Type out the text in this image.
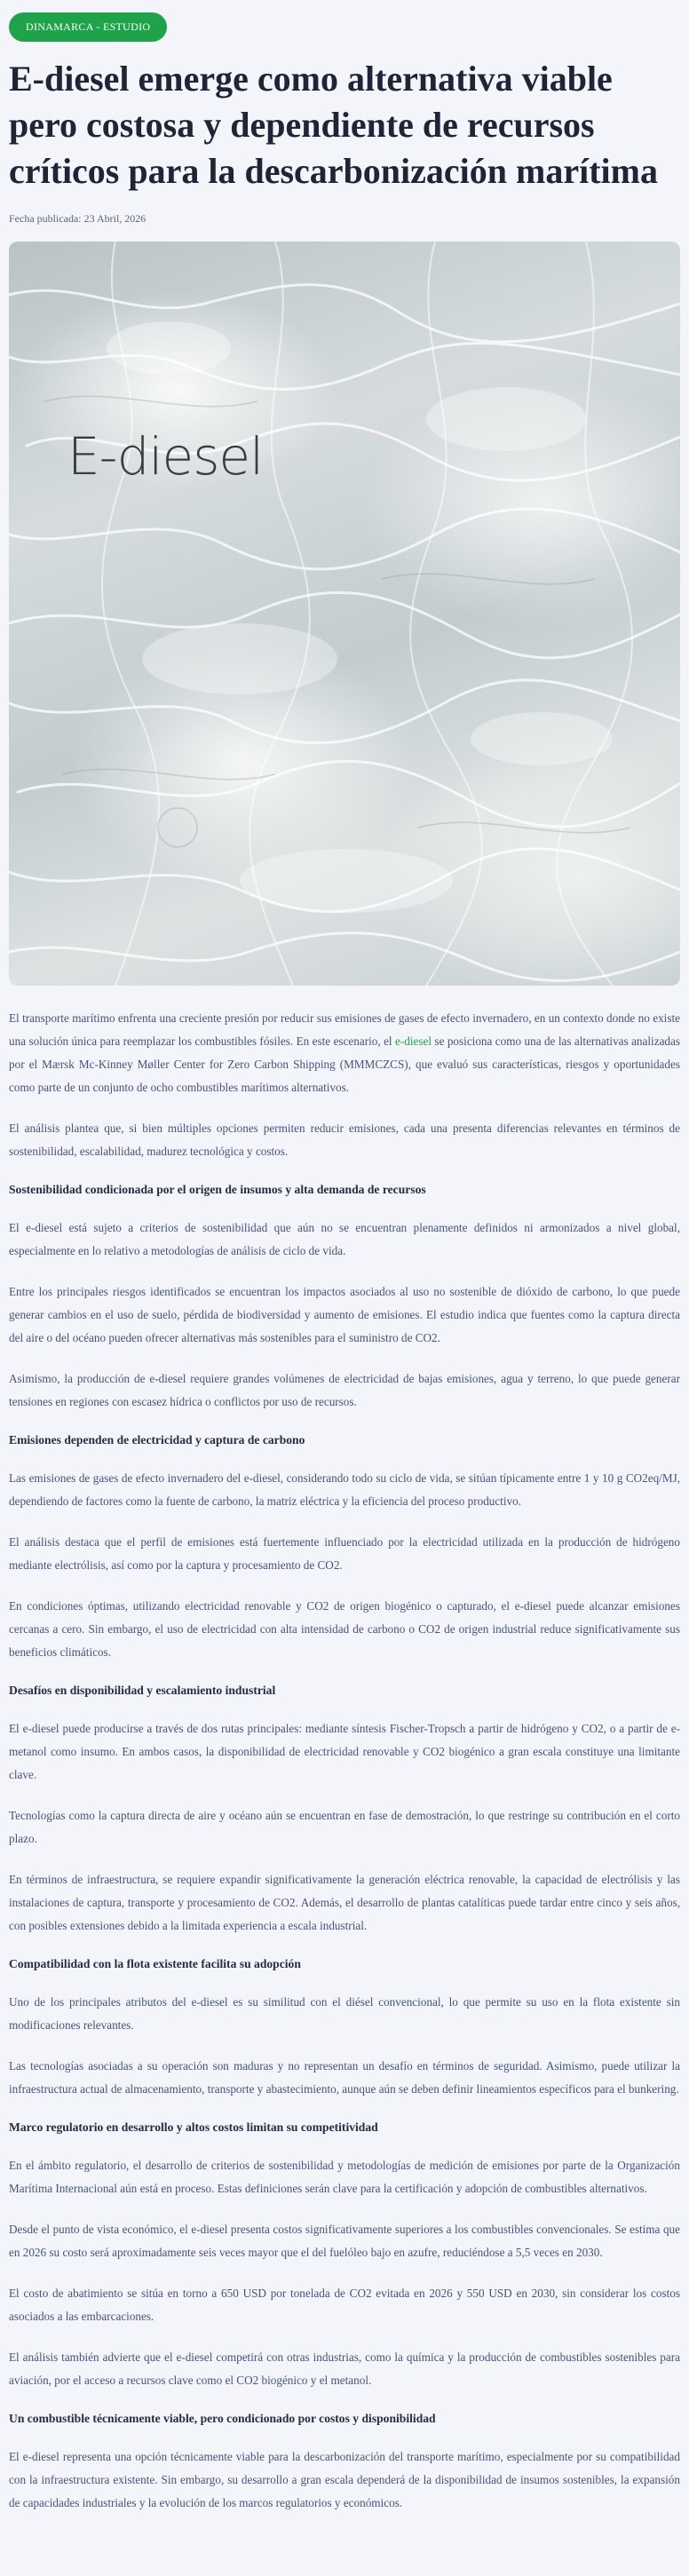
DINAMARCA - ESTUDIO
E-diesel emerge como alternativa viable pero costosa y dependiente de recursos críticos para la descarbonización marítima
Fecha publicada: 23 Abril, 2026
E-diesel

El transporte marítimo enfrenta una creciente presión por reducir sus emisiones de gases de efecto invernadero, en un contexto donde no existe una solución única para reemplazar los combustibles fósiles. En este escenario, el e-diesel se posiciona como una de las alternativas analizadas por el Mærsk Mc-Kinney Møller Center for Zero Carbon Shipping (MMMCZCS), que evaluó sus características, riesgos y oportunidades como parte de un conjunto de ocho combustibles marítimos alternativos.

El análisis plantea que, si bien múltiples opciones permiten reducir emisiones, cada una presenta diferencias relevantes en términos de sostenibilidad, escalabilidad, madurez tecnológica y costos.

Sostenibilidad condicionada por el origen de insumos y alta demanda de recursos

El e-diesel está sujeto a criterios de sostenibilidad que aún no se encuentran plenamente definidos ni armonizados a nivel global, especialmente en lo relativo a metodologías de análisis de ciclo de vida.

Entre los principales riesgos identificados se encuentran los impactos asociados al uso no sostenible de dióxido de carbono, lo que puede generar cambios en el uso de suelo, pérdida de biodiversidad y aumento de emisiones. El estudio indica que fuentes como la captura directa del aire o del océano pueden ofrecer alternativas más sostenibles para el suministro de CO2.

Asimismo, la producción de e-diesel requiere grandes volúmenes de electricidad de bajas emisiones, agua y terreno, lo que puede generar tensiones en regiones con escasez hídrica o conflictos por uso de recursos.

Emisiones dependen de electricidad y captura de carbono

Las emisiones de gases de efecto invernadero del e-diesel, considerando todo su ciclo de vida, se sitúan típicamente entre 1 y 10 g CO2eq/MJ, dependiendo de factores como la fuente de carbono, la matriz eléctrica y la eficiencia del proceso productivo.

El análisis destaca que el perfil de emisiones está fuertemente influenciado por la electricidad utilizada en la producción de hidrógeno mediante electrólisis, así como por la captura y procesamiento de CO2.

En condiciones óptimas, utilizando electricidad renovable y CO2 de origen biogénico o capturado, el e-diesel puede alcanzar emisiones cercanas a cero. Sin embargo, el uso de electricidad con alta intensidad de carbono o CO2 de origen industrial reduce significativamente sus beneficios climáticos.

Desafíos en disponibilidad y escalamiento industrial

El e-diesel puede producirse a través de dos rutas principales: mediante síntesis Fischer-Tropsch a partir de hidrógeno y CO2, o a partir de e-metanol como insumo. En ambos casos, la disponibilidad de electricidad renovable y CO2 biogénico a gran escala constituye una limitante clave.

Tecnologías como la captura directa de aire y océano aún se encuentran en fase de demostración, lo que restringe su contribución en el corto plazo.

En términos de infraestructura, se requiere expandir significativamente la generación eléctrica renovable, la capacidad de electrólisis y las instalaciones de captura, transporte y procesamiento de CO2. Además, el desarrollo de plantas catalíticas puede tardar entre cinco y seis años, con posibles extensiones debido a la limitada experiencia a escala industrial.

Compatibilidad con la flota existente facilita su adopción

Uno de los principales atributos del e-diesel es su similitud con el diésel convencional, lo que permite su uso en la flota existente sin modificaciones relevantes.

Las tecnologías asociadas a su operación son maduras y no representan un desafío en términos de seguridad. Asimismo, puede utilizar la infraestructura actual de almacenamiento, transporte y abastecimiento, aunque aún se deben definir lineamientos específicos para el bunkering.

Marco regulatorio en desarrollo y altos costos limitan su competitividad

En el ámbito regulatorio, el desarrollo de criterios de sostenibilidad y metodologías de medición de emisiones por parte de la Organización Marítima Internacional aún está en proceso. Estas definiciones serán clave para la certificación y adopción de combustibles alternativos.

Desde el punto de vista económico, el e-diesel presenta costos significativamente superiores a los combustibles convencionales. Se estima que en 2026 su costo será aproximadamente seis veces mayor que el del fuelóleo bajo en azufre, reduciéndose a 5,5 veces en 2030.

El costo de abatimiento se sitúa en torno a 650 USD por tonelada de CO2 evitada en 2026 y 550 USD en 2030, sin considerar los costos asociados a las embarcaciones.

El análisis también advierte que el e-diesel competirá con otras industrias, como la química y la producción de combustibles sostenibles para aviación, por el acceso a recursos clave como el CO2 biogénico y el metanol.

Un combustible técnicamente viable, pero condicionado por costos y disponibilidad

El e-diesel representa una opción técnicamente viable para la descarbonización del transporte marítimo, especialmente por su compatibilidad con la infraestructura existente. Sin embargo, su desarrollo a gran escala dependerá de la disponibilidad de insumos sostenibles, la expansión de capacidades industriales y la evolución de los marcos regulatorios y económicos.
